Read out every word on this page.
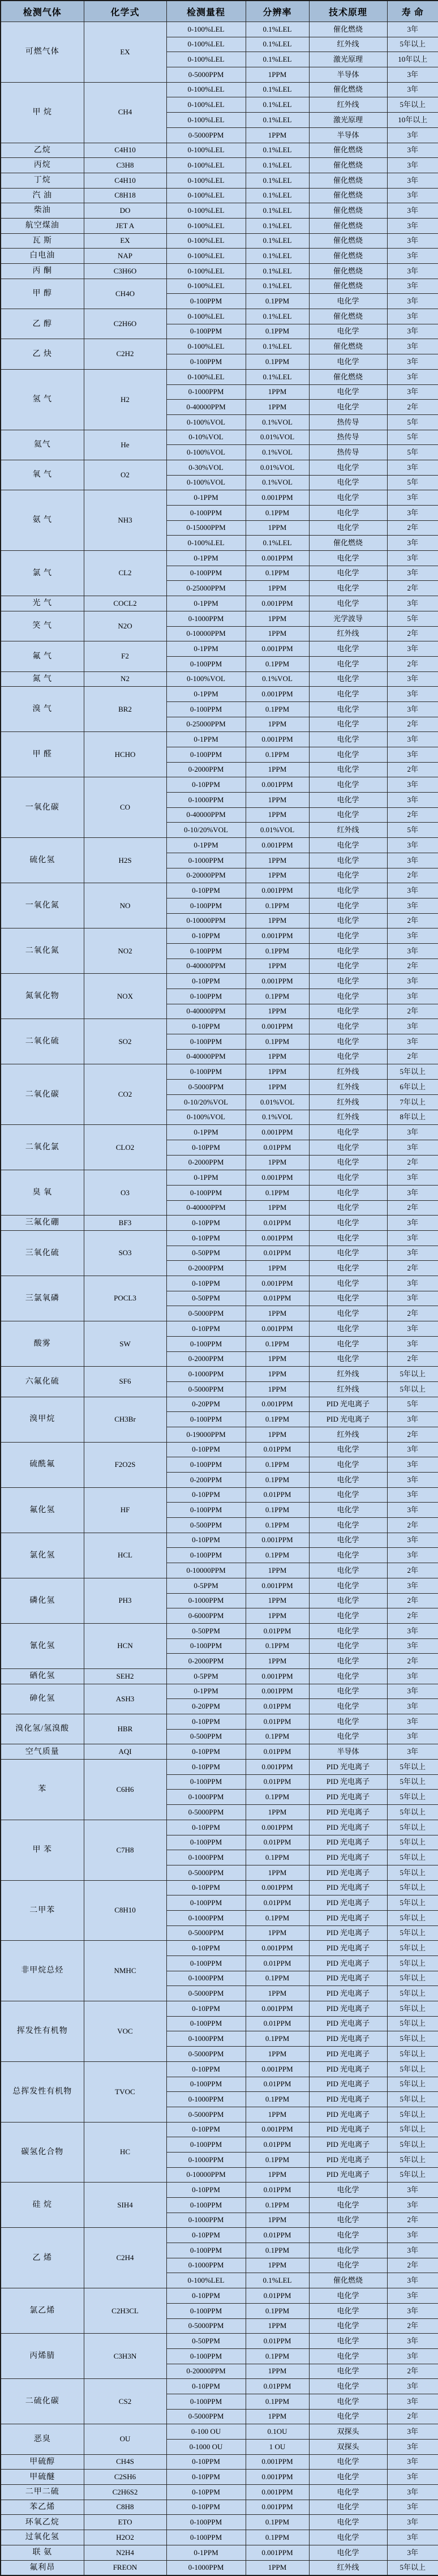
检测气体	化学式	检测量程	分辨率	技术原理	寿 命
可燃气体	EX	0-100%LEL	0.1%LEL	催化燃烧	3年
		0-100%LEL	0.1%LEL	红外线	5年以上
		0-100%LEL	0.1%LEL	激光原理	10年以上
		0-5000PPM	1PPM	半导体	3年
甲 烷	CH4	0-100%LEL	0.1%LEL	催化燃烧	3年
		0-100%LEL	0.1%LEL	红外线	5年以上
		0-100%LEL	0.1%LEL	激光原理	10年以上
		0-5000PPM	1PPM	半导体	3年
乙烷	C4H10	0-100%LEL	0.1%LEL	催化燃烧	3年
丙烷	C3H8	0-100%LEL	0.1%LEL	催化燃烧	3年
丁烷	C4H10	0-100%LEL	0.1%LEL	催化燃烧	3年
汽 油	C8H18	0-100%LEL	0.1%LEL	催化燃烧	3年
柴油	DO	0-100%LEL	0.1%LEL	催化燃烧	3年
航空煤油	JET A	0-100%LEL	0.1%LEL	催化燃烧	3年
瓦 斯	EX	0-100%LEL	0.1%LEL	催化燃烧	3年
白电油	NAP	0-100%LEL	0.1%LEL	催化燃烧	3年
丙 酮	C3H6O	0-100%LEL	0.1%LEL	催化燃烧	3年
甲 醇	CH4O	0-100%LEL	0.1%LEL	催化燃烧	3年
		0-100PPM	0.1PPM	电化学	3年
乙 醇	C2H6O	0-100%LEL	0.1%LEL	催化燃烧	3年
		0-100PPM	0.1PPM	电化学	3年
乙 炔	C2H2	0-100%LEL	0.1%LEL	催化燃烧	3年
		0-100PPM	0.1PPM	电化学	3年
氢 气	H2	0-100%LEL	0.1%LEL	催化燃烧	3年
		0-1000PPM	1PPM	电化学	3年
		0-40000PPM	1PPM	电化学	2年
		0-100%VOL	0.1%VOL	热传导	5年
氦气	He	0-10%VOL	0.01%VOL	热传导	5年
		0-100%VOL	0.1%VOL	热传导	5年
氧 气	O2	0-30%VOL	0.01%VOL	电化学	3年
		0-100%VOL	0.1%VOL	电化学	5年
氨 气	NH3	0-1PPM	0.001PPM	电化学	3年
		0-100PPM	0.1PPM	电化学	3年
		0-15000PPM	1PPM	电化学	2年
		0-100%LEL	0.1%LEL	催化燃烧	3年
氯 气	CL2	0-1PPM	0.001PPM	电化学	3年
		0-100PPM	0.1PPM	电化学	3年
		0-25000PPM	1PPM	电化学	2年
光 气	COCL2	0-1PPM	0.001PPM	电化学	3年
笑 气	N2O	0-1000PPM	1PPM	光学波导	5年
		0-10000PPM	1PPM	红外线	2年
氟 气	F2	0-1PPM	0.001PPM	电化学	3年
		0-100PPM	0.1PPM	电化学	2年
氮 气	N2	0-100%VOL	0.1%VOL	电化学	3年
溴 气	BR2	0-1PPM	0.001PPM	电化学	3年
		0-100PPM	0.1PPM	电化学	3年
		0-25000PPM	1PPM	电化学	2年
甲 醛	HCHO	0-1PPM	0.001PPM	电化学	3年
		0-100PPM	0.1PPM	电化学	3年
		0-2000PPM	1PPM	电化学	2年
一氧化碳	CO	0-10PPM	0.001PPM	电化学	3年
		0-1000PPM	1PPM	电化学	3年
		0-40000PPM	1PPM	电化学	2年
		0-10/20%VOL	0.01%VOL	红外线	5年
硫化氢	H2S	0-1PPM	0.001PPM	电化学	3年
		0-1000PPM	1PPM	电化学	3年
		0-20000PPM	1PPM	电化学	2年
一氧化氮	NO	0-10PPM	0.001PPM	电化学	3年
		0-100PPM	0.1PPM	电化学	3年
		0-10000PPM	1PPM	电化学	2年
二氧化氮	NO2	0-10PPM	0.001PPM	电化学	3年
		0-100PPM	0.1PPM	电化学	3年
		0-40000PPM	1PPM	电化学	2年
氮氧化物	NOX	0-10PPM	0.001PPM	电化学	3年
		0-100PPM	0.1PPM	电化学	3年
		0-40000PPM	1PPM	电化学	2年
二氧化硫	SO2	0-10PPM	0.001PPM	电化学	3年
		0-100PPM	0.1PPM	电化学	3年
		0-40000PPM	1PPM	电化学	2年
二氧化碳	CO2	0-100PPM	1PPM	红外线	5年以上
		0-5000PPM	1PPM	红外线	6年以上
		0-10/20%VOL	0.01%VOL	红外线	7年以上
		0-100%VOL	0.1%VOL	红外线	8年以上
二氧化氯	CLO2	0-1PPM	0.001PPM	电化学	3年
		0-10PPM	0.01PPM	电化学	3年
		0-2000PPM	1PPM	电化学	2年
臭 氧	O3	0-1PPM	0.001PPM	电化学	3年
		0-100PPM	0.1PPM	电化学	3年
		0-40000PPM	1PPM	电化学	2年
三氟化硼	BF3	0-10PPM	0.01PPM	电化学	3年
三氧化硫	SO3	0-10PPM	0.001PPM	电化学	3年
		0-50PPM	0.01PPM	电化学	3年
		0-2000PPM	1PPM	电化学	2年
三氯氧磷	POCL3	0-10PPM	0.001PPM	电化学	3年
		0-50PPM	0.01PPM	电化学	3年
		0-5000PPM	1PPM	电化学	2年
酸雾	SW	0-10PPM	0.001PPM	电化学	3年
		0-100PPM	0.1PPM	电化学	3年
		0-2000PPM	1PPM	电化学	2年
六氟化硫	SF6	0-1000PPM	1PPM	红外线	5年以上
		0-5000PPM	1PPM	红外线	5年以上
溴甲烷	CH3Br	0-20PPM	0.001PPM	PID 光电离子	5年
		0-100PPM	0.1PPM	PID 光电离子	3年
		0-19000PPM	1PPM	红外线	2年
硫酰氟	F2O2S	0-10PPM	0.01PPM	电化学	3年
		0-100PPM	0.1PPM	电化学	3年
		0-200PPM	0.1PPM	电化学	3年
氟化氢	HF	0-10PPM	0.01PPM	电化学	3年
		0-100PPM	0.1PPM	电化学	3年
		0-500PPM	0.1PPM	电化学	2年
氯化氢	HCL	0-10PPM	0.001PPM	电化学	3年
		0-100PPM	0.1PPM	电化学	3年
		0-10000PPM	1PPM	电化学	2年
磷化氢	PH3	0-5PPM	0.001PPM	电化学	3年
		0-1000PPM	1PPM	电化学	2年
		0-6000PPM	1PPM	电化学	2年
氰化氢	HCN	0-50PPM	0.01PPM	电化学	3年
		0-100PPM	0.1PPM	电化学	3年
		0-2000PPM	1PPM	电化学	2年
硒化氢	SEH2	0-5PPM	0.001PPM	电化学	3年
砷化氢	ASH3	0-1PPM	0.001PPM	电化学	3年
		0-20PPM	0.01PPM	电化学	3年
溴化氢/氢溴酸	HBR	0-10PPM	0.01PPM	电化学	3年
		0-500PPM	0.1PPM	电化学	3年
空气质量	AQI	0-10PPM	0.01PPM	半导体	3年
苯	C6H6	0-10PPM	0.001PPM	PID 光电离子	5年以上
		0-100PPM	0.01PPM	PID 光电离子	5年以上
		0-1000PPM	0.1PPM	PID 光电离子	5年以上
		0-5000PPM	1PPM	PID 光电离子	5年以上
甲 苯	C7H8	0-10PPM	0.001PPM	PID 光电离子	5年以上
		0-100PPM	0.01PPM	PID 光电离子	5年以上
		0-1000PPM	0.1PPM	PID 光电离子	5年以上
		0-5000PPM	1PPM	PID 光电离子	5年以上
二甲苯	C8H10	0-10PPM	0.001PPM	PID 光电离子	5年以上
		0-100PPM	0.01PPM	PID 光电离子	5年以上
		0-1000PPM	0.1PPM	PID 光电离子	5年以上
		0-5000PPM	1PPM	PID 光电离子	5年以上
非甲烷总烃	NMHC	0-10PPM	0.001PPM	PID 光电离子	5年以上
		0-100PPM	0.01PPM	PID 光电离子	5年以上
		0-1000PPM	0.1PPM	PID 光电离子	5年以上
		0-5000PPM	1PPM	PID 光电离子	5年以上
挥发性有机物	VOC	0-10PPM	0.001PPM	PID 光电离子	5年以上
		0-100PPM	0.01PPM	PID 光电离子	5年以上
		0-1000PPM	0.1PPM	PID 光电离子	5年以上
		0-5000PPM	1PPM	PID 光电离子	5年以上
总挥发性有机物	TVOC	0-10PPM	0.001PPM	PID 光电离子	5年以上
		0-100PPM	0.01PPM	PID 光电离子	5年以上
		0-1000PPM	0.1PPM	PID 光电离子	5年以上
		0-5000PPM	1PPM	PID 光电离子	5年以上
碳氢化合物	HC	0-10PPM	0.001PPM	PID 光电离子	5年以上
		0-100PPM	0.01PPM	PID 光电离子	5年以上
		0-1000PPM	0.1PPM	PID 光电离子	5年以上
		0-10000PPM	1PPM	PID 光电离子	5年以上
硅 烷	SIH4	0-10PPM	0.01PPM	电化学	3年
		0-100PPM	0.1PPM	电化学	3年
		0-1000PPM	1PPM	电化学	2年
乙 烯	C2H4	0-10PPM	0.01PPM	电化学	3年
		0-100PPM	0.1PPM	电化学	3年
		0-1000PPM	1PPM	电化学	2年
		0-100%LEL	0.1%LEL	催化燃烧	3年
氯乙烯	C2H3CL	0-10PPM	0.01PPM	电化学	3年
		0-100PPM	0.1PPM	电化学	3年
		0-5000PPM	1PPM	电化学	2年
丙烯腈	C3H3N	0-50PPM	0.01PPM	电化学	3年
		0-100PPM	0.1PPM	电化学	3年
		0-20000PPM	1PPM	电化学	2年
二硫化碳	CS2	0-10PPM	0.01PPM	电化学	3年
		0-100PPM	0.1PPM	电化学	3年
		0-5000PPM	1PPM	电化学	2年
恶臭	OU	0-100 OU	0.1OU	双探头	3年
		0-1000 OU	1 OU	双探头	3年
甲硫醇	CH4S	0-10PPM	0.001PPM	电化学	3年
甲硫醚	C2SH6	0-10PPM	0.001PPM	电化学	3年
二甲二硫	C2H6S2	0-10PPM	0.001PPM	电化学	3年
苯乙烯	C8H8	0-10PPM	0.001PPM	电化学	3年
环氧乙烷	ETO	0-100PPM	0.1PPM	电化学	3年
过氧化氢	H2O2	0-100PPM	0.1PPM	电化学	3年
联 氨	N2H4	0-1PPM	0.001PPM	电化学	3年
氟利昂	FREON	0-1000PPM	1PPM	红外线	5年以上
